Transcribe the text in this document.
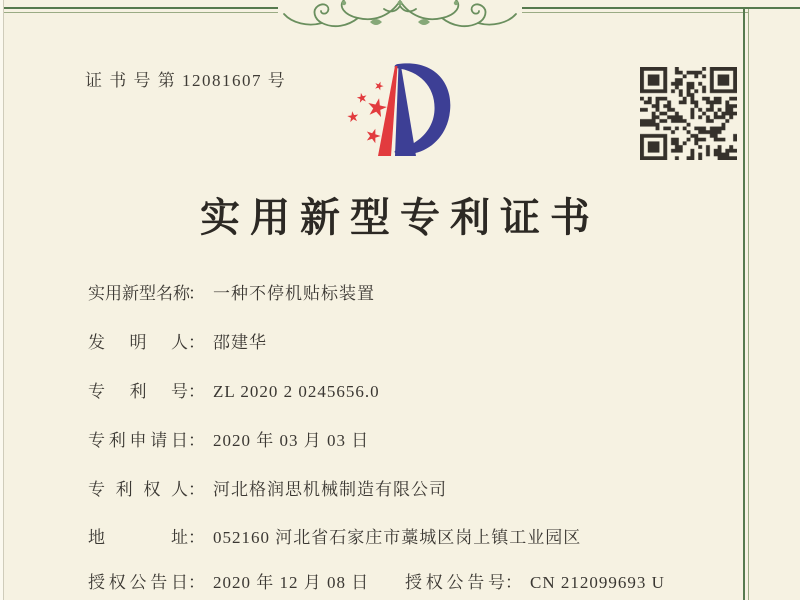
证 书 号 第 12081607 号
实用新型专利证书
实用新型名称
： 一种不停机贴标装置
发明人 ： 邵建华
专利号 ： ZL 2020 2 0245656.0
专利申请日 ： 2020 年 03 月 03 日
专利权人 ： 河北格润思机械制造有限公司
地址 ： 052160 河北省石家庄市藁城区岗上镇工业园区
授权公告日 ： 2020 年 12 月 08 日 授权公告号 ： CN 212099693 U
